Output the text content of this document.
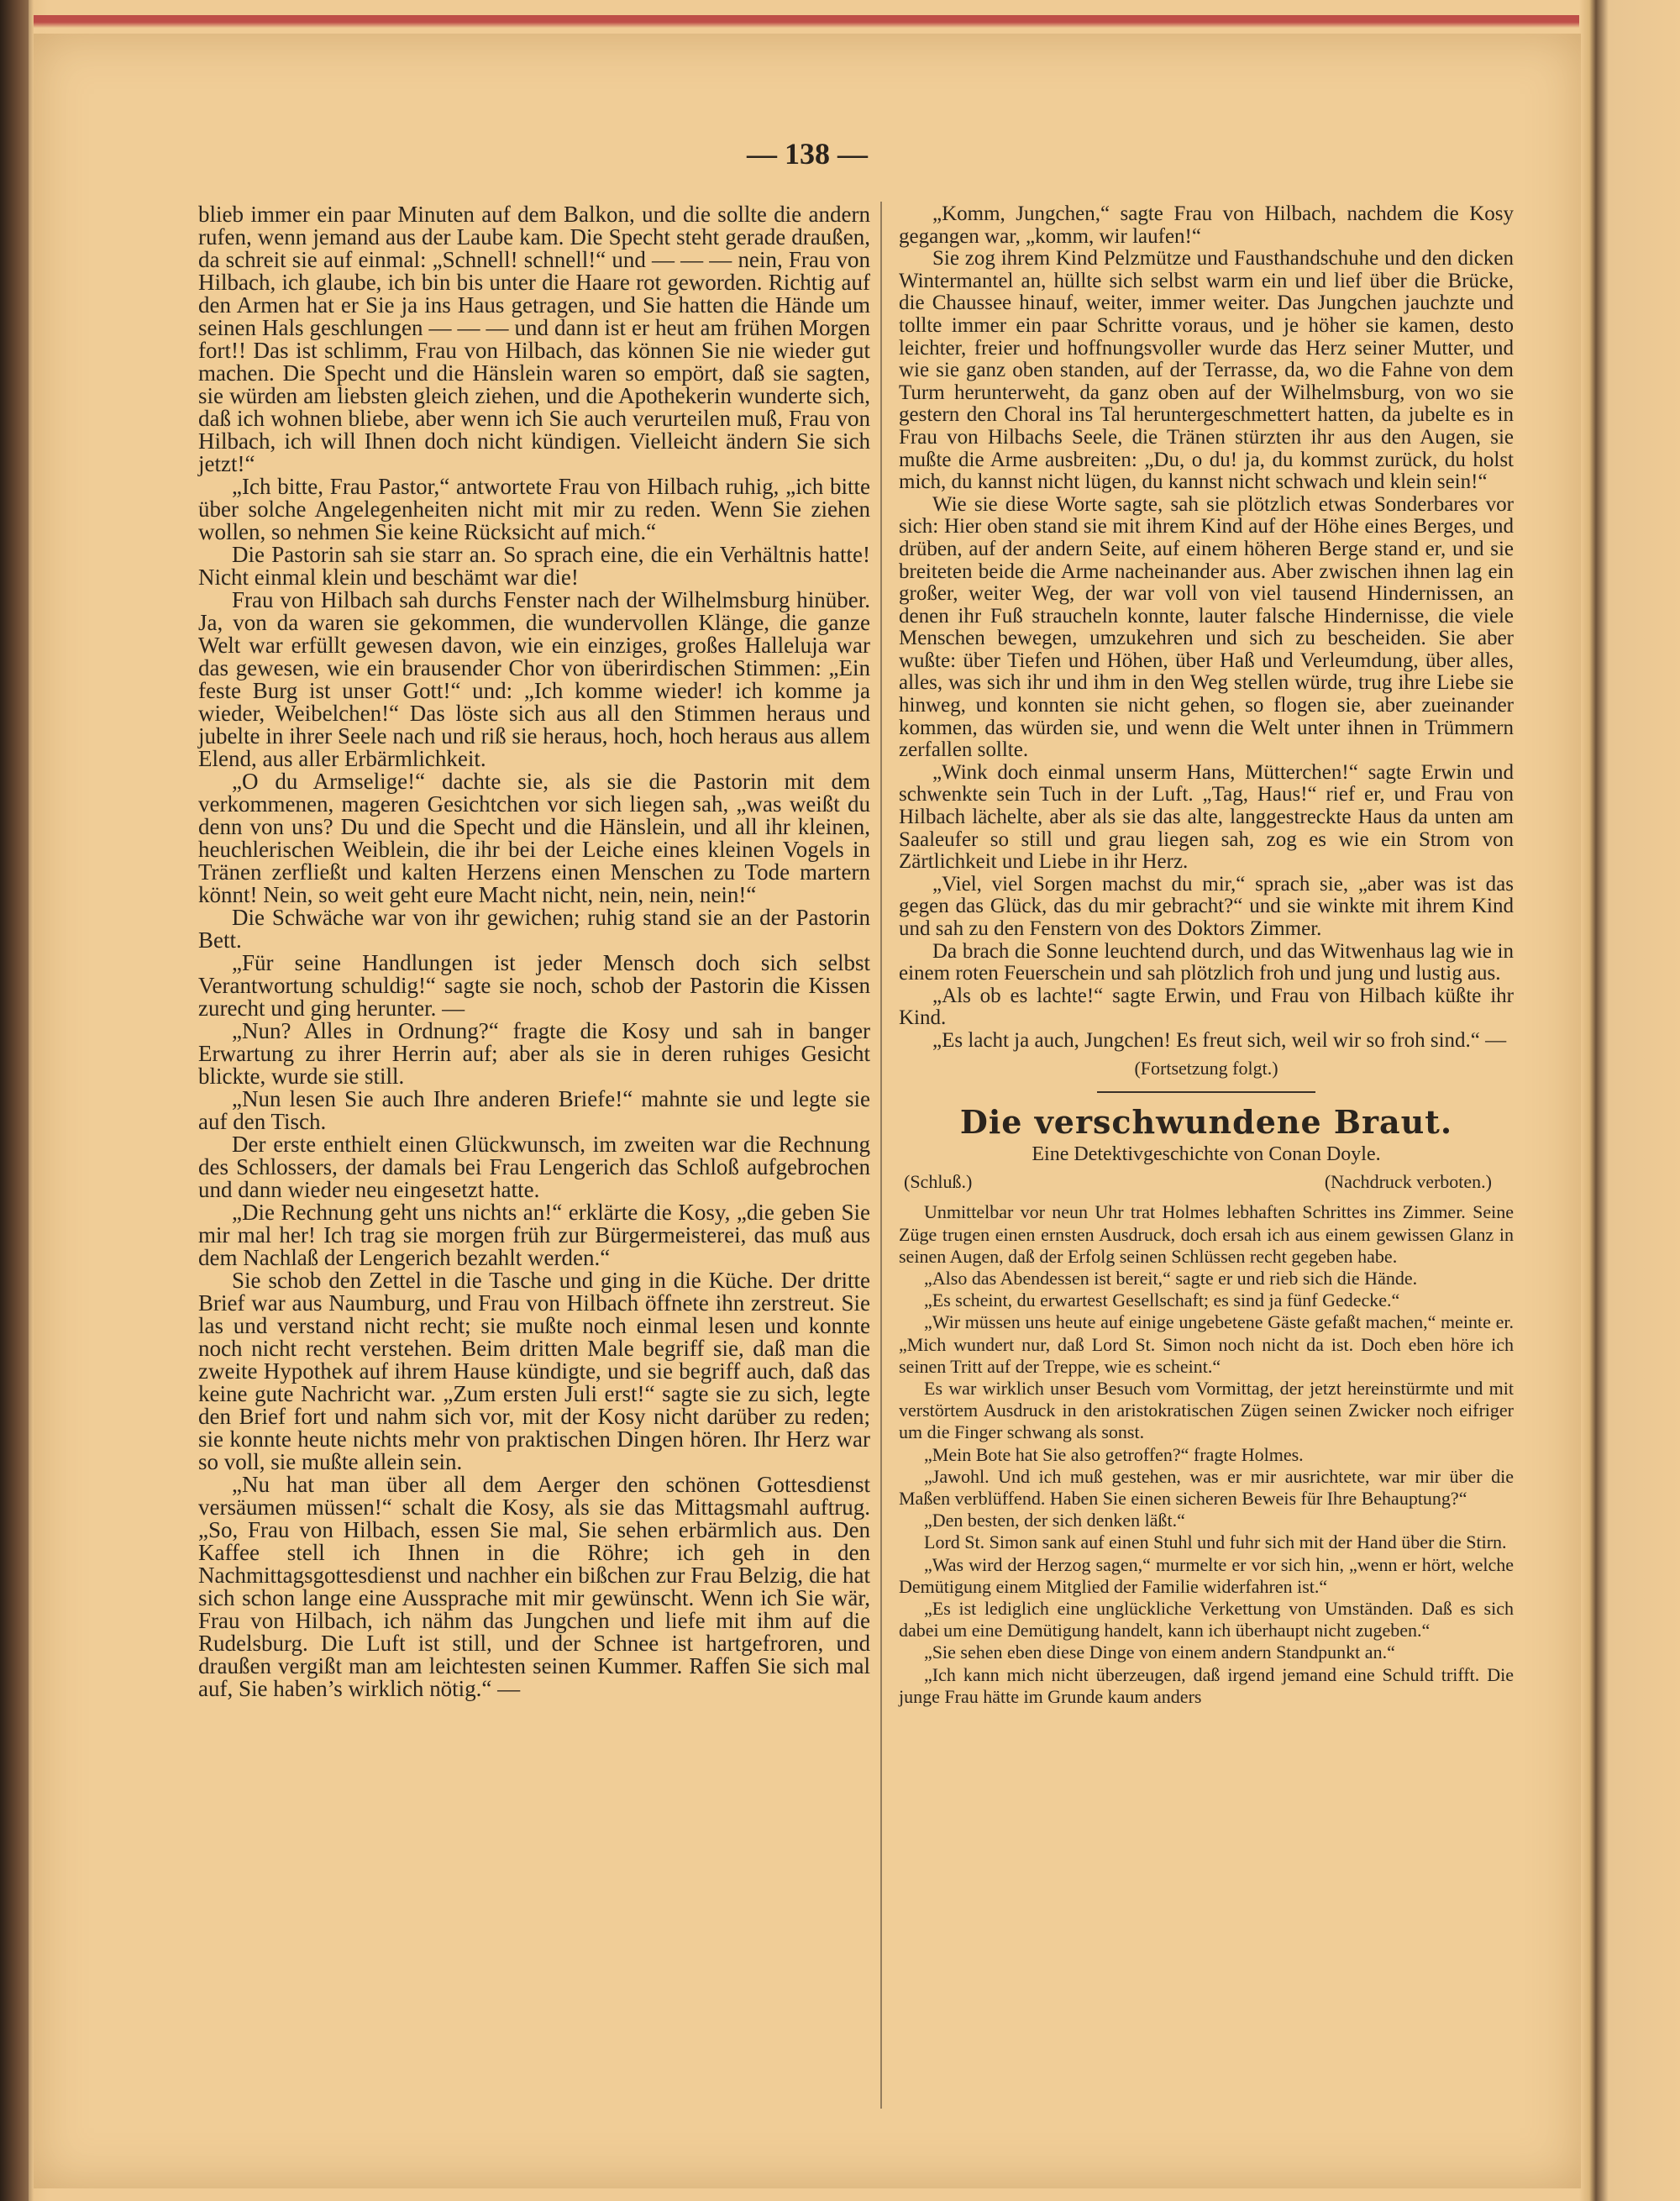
— 138 —

blieb immer ein paar Minuten auf dem Balkon, und die sollte die andern rufen, wenn jemand aus der Laube kam. Die Specht steht gerade draußen, da schreit sie auf einmal: „Schnell! schnell!“ und — — — nein, Frau von Hilbach, ich glaube, ich bin bis unter die Haare rot geworden. Richtig auf den Armen hat er Sie ja ins Haus getragen, und Sie hatten die Hände um seinen Hals geschlungen — — — und dann ist er heut am frühen Morgen fort!! Das ist schlimm, Frau von Hilbach, das können Sie nie wieder gut machen. Die Specht und die Hänslein waren so empört, daß sie sagten, sie würden am liebsten gleich ziehen, und die Apothekerin wunderte sich, daß ich wohnen bliebe, aber wenn ich Sie auch verurteilen muß, Frau von Hilbach, ich will Ihnen doch nicht kündigen. Vielleicht ändern Sie sich jetzt!“

„Ich bitte, Frau Pastor,“ antwortete Frau von Hilbach ruhig, „ich bitte über solche Angelegenheiten nicht mit mir zu reden. Wenn Sie ziehen wollen, so nehmen Sie keine Rücksicht auf mich.“

Die Pastorin sah sie starr an. So sprach eine, die ein Verhältnis hatte! Nicht einmal klein und beschämt war die!

Frau von Hilbach sah durchs Fenster nach der Wilhelmsburg hinüber. Ja, von da waren sie gekommen, die wundervollen Klänge, die ganze Welt war erfüllt gewesen davon, wie ein einziges, großes Halleluja war das gewesen, wie ein brausender Chor von überirdischen Stimmen: „Ein feste Burg ist unser Gott!“ und: „Ich komme wieder! ich komme ja wieder, Weibelchen!“ Das löste sich aus all den Stimmen heraus und jubelte in ihrer Seele nach und riß sie heraus, hoch, hoch heraus aus allem Elend, aus aller Erbärmlichkeit.

„O du Armselige!“ dachte sie, als sie die Pastorin mit dem verkommenen, mageren Gesichtchen vor sich liegen sah, „was weißt du denn von uns? Du und die Specht und die Hänslein, und all ihr kleinen, heuchlerischen Weiblein, die ihr bei der Leiche eines kleinen Vogels in Tränen zerfließt und kalten Herzens einen Menschen zu Tode martern könnt! Nein, so weit geht eure Macht nicht, nein, nein, nein!“

Die Schwäche war von ihr gewichen; ruhig stand sie an der Pastorin Bett.

„Für seine Handlungen ist jeder Mensch doch sich selbst Verantwortung schuldig!“ sagte sie noch, schob der Pastorin die Kissen zurecht und ging herunter. —

„Nun? Alles in Ordnung?“ fragte die Kosy und sah in banger Erwartung zu ihrer Herrin auf; aber als sie in deren ruhiges Gesicht blickte, wurde sie still.

„Nun lesen Sie auch Ihre anderen Briefe!“ mahnte sie und legte sie auf den Tisch.

Der erste enthielt einen Glückwunsch, im zweiten war die Rechnung des Schlossers, der damals bei Frau Lengerich das Schloß aufgebrochen und dann wieder neu eingesetzt hatte.

„Die Rechnung geht uns nichts an!“ erklärte die Kosy, „die geben Sie mir mal her! Ich trag sie morgen früh zur Bürgermeisterei, das muß aus dem Nachlaß der Lengerich bezahlt werden.“

Sie schob den Zettel in die Tasche und ging in die Küche. Der dritte Brief war aus Naumburg, und Frau von Hilbach öffnete ihn zerstreut. Sie las und verstand nicht recht; sie mußte noch einmal lesen und konnte noch nicht recht verstehen. Beim dritten Male begriff sie, daß man die zweite Hypothek auf ihrem Hause kündigte, und sie begriff auch, daß das keine gute Nachricht war. „Zum ersten Juli erst!“ sagte sie zu sich, legte den Brief fort und nahm sich vor, mit der Kosy nicht darüber zu reden; sie konnte heute nichts mehr von praktischen Dingen hören. Ihr Herz war so voll, sie mußte allein sein.

„Nu hat man über all dem Aerger den schönen Gottesdienst versäumen müssen!“ schalt die Kosy, als sie das Mittagsmahl auftrug. „So, Frau von Hilbach, essen Sie mal, Sie sehen erbärmlich aus. Den Kaffee stell ich Ihnen in die Röhre; ich geh in den Nachmittagsgottesdienst und nachher ein bißchen zur Frau Belzig, die hat sich schon lange eine Aussprache mit mir gewünscht. Wenn ich Sie wär, Frau von Hilbach, ich nähm das Jungchen und liefe mit ihm auf die Rudelsburg. Die Luft ist still, und der Schnee ist hartgefroren, und draußen vergißt man am leichtesten seinen Kummer. Raffen Sie sich mal auf, Sie haben’s wirklich nötig.“ —

„Komm, Jungchen,“ sagte Frau von Hilbach, nachdem die Kosy gegangen war, „komm, wir laufen!“

Sie zog ihrem Kind Pelzmütze und Fausthandschuhe und den dicken Wintermantel an, hüllte sich selbst warm ein und lief über die Brücke, die Chaussee hinauf, weiter, immer weiter. Das Jungchen jauchzte und tollte immer ein paar Schritte voraus, und je höher sie kamen, desto leichter, freier und hoffnungsvoller wurde das Herz seiner Mutter, und wie sie ganz oben standen, auf der Terrasse, da, wo die Fahne von dem Turm herunterweht, da ganz oben auf der Wilhelmsburg, von wo sie gestern den Choral ins Tal heruntergeschmettert hatten, da jubelte es in Frau von Hilbachs Seele, die Tränen stürzten ihr aus den Augen, sie mußte die Arme ausbreiten: „Du, o du! ja, du kommst zurück, du holst mich, du kannst nicht lügen, du kannst nicht schwach und klein sein!“

Wie sie diese Worte sagte, sah sie plötzlich etwas Sonderbares vor sich: Hier oben stand sie mit ihrem Kind auf der Höhe eines Berges, und drüben, auf der andern Seite, auf einem höheren Berge stand er, und sie breiteten beide die Arme nacheinander aus. Aber zwischen ihnen lag ein großer, weiter Weg, der war voll von viel tausend Hindernissen, an denen ihr Fuß straucheln konnte, lauter falsche Hindernisse, die viele Menschen bewegen, umzukehren und sich zu bescheiden. Sie aber wußte: über Tiefen und Höhen, über Haß und Verleumdung, über alles, alles, was sich ihr und ihm in den Weg stellen würde, trug ihre Liebe sie hinweg, und konnten sie nicht gehen, so flogen sie, aber zueinander kommen, das würden sie, und wenn die Welt unter ihnen in Trümmern zerfallen sollte.

„Wink doch einmal unserm Hans, Mütterchen!“ sagte Erwin und schwenkte sein Tuch in der Luft. „Tag, Haus!“ rief er, und Frau von Hilbach lächelte, aber als sie das alte, langgestreckte Haus da unten am Saaleufer so still und grau liegen sah, zog es wie ein Strom von Zärtlichkeit und Liebe in ihr Herz.

„Viel, viel Sorgen machst du mir,“ sprach sie, „aber was ist das gegen das Glück, das du mir gebracht?“ und sie winkte mit ihrem Kind und sah zu den Fenstern von des Doktors Zimmer.

Da brach die Sonne leuchtend durch, und das Witwenhaus lag wie in einem roten Feuerschein und sah plötzlich froh und jung und lustig aus.

„Als ob es lachte!“ sagte Erwin, und Frau von Hilbach küßte ihr Kind.

„Es lacht ja auch, Jungchen! Es freut sich, weil wir so froh sind.“ —

(Fortsetzung folgt.)
Die verschwundene Braut.
Eine Detektivgeschichte von Conan Doyle.
(Schluß.)	(Nachdruck verboten.)

Unmittelbar vor neun Uhr trat Holmes lebhaften Schrittes ins Zimmer. Seine Züge trugen einen ernsten Ausdruck, doch ersah ich aus einem gewissen Glanz in seinen Augen, daß der Erfolg seinen Schlüssen recht gegeben habe.

„Also das Abendessen ist bereit,“ sagte er und rieb sich die Hände.

„Es scheint, du erwartest Gesellschaft; es sind ja fünf Gedecke.“

„Wir müssen uns heute auf einige ungebetene Gäste gefaßt machen,“ meinte er. „Mich wundert nur, daß Lord St. Simon noch nicht da ist. Doch eben höre ich seinen Tritt auf der Treppe, wie es scheint.“

Es war wirklich unser Besuch vom Vormittag, der jetzt hereinstürmte und mit verstörtem Ausdruck in den aristokratischen Zügen seinen Zwicker noch eifriger um die Finger schwang als sonst.

„Mein Bote hat Sie also getroffen?“ fragte Holmes.

„Jawohl. Und ich muß gestehen, was er mir ausrichtete, war mir über die Maßen verblüffend. Haben Sie einen sicheren Beweis für Ihre Behauptung?“

„Den besten, der sich denken läßt.“

Lord St. Simon sank auf einen Stuhl und fuhr sich mit der Hand über die Stirn.

„Was wird der Herzog sagen,“ murmelte er vor sich hin, „wenn er hört, welche Demütigung einem Mitglied der Familie widerfahren ist.“

„Es ist lediglich eine unglückliche Verkettung von Umständen. Daß es sich dabei um eine Demütigung handelt, kann ich überhaupt nicht zugeben.“

„Sie sehen eben diese Dinge von einem andern Standpunkt an.“

„Ich kann mich nicht überzeugen, daß irgend jemand eine Schuld trifft. Die junge Frau hätte im Grunde kaum anders
